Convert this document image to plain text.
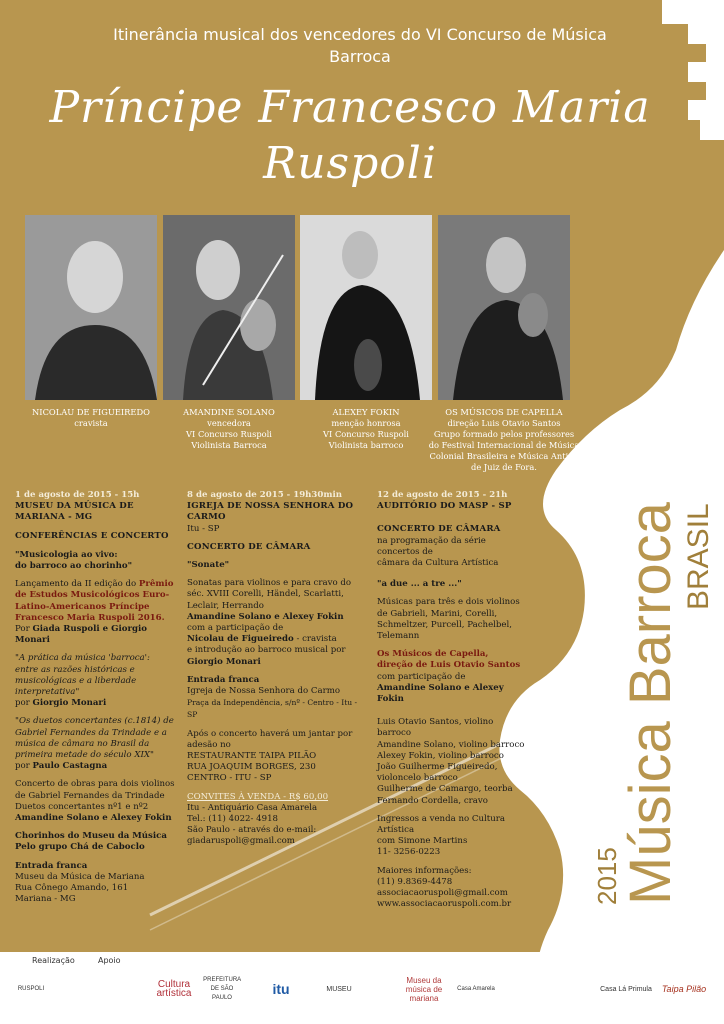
Itinerância musical dos vencedores do VI Concurso de Música Barroca
Príncipe Francesco Maria Ruspoli
NICOLAU DE FIGUEIREDO
cravista
AMANDINE SOLANO
vencedora
VI Concurso Ruspoli
Violinista Barroca
ALEXEY FOKIN
menção honrosa
VI Concurso Ruspoli
Violinista barroco
OS MÚSICOS DE CAPELLA
direção Luis Otavio Santos
Grupo formado pelos professores
do Festival Internacional de Música
Colonial Brasileira e Música Antiga
de Juiz de Fora.

1 de agosto de 2015 - 15h
MUSEU DA MÚSICA DE MARIANA - MG

CONFERÊNCIAS E CONCERTO

"Musicologia ao vivo:
do barroco ao chorinho"

Lançamento da II edição do Prêmio de Estudos Musicológicos Euro-Latino-Americanos Príncipe Francesco Maria Ruspoli 2016.
Por Giada Ruspoli e Giorgio Monari

"A prática da música 'barroca': entre as razões históricas e musicológicas e a liberdade interpretativa"
por Giorgio Monari

"Os duetos concertantes (c.1814) de Gabriel Fernandes da Trindade e a música de câmara no Brasil da primeira metade do século XIX"
por Paulo Castagna

Concerto de obras para dois violinos de Gabriel Fernandes da Trindade
Duetos concertantes nº1 e nº2
Amandine Solano e Alexey Fokin

Chorinhos do Museu da Música
Pelo grupo Chá de Caboclo

Entrada franca
Museu da Música de Mariana
Rua Cônego Amando, 161
Mariana - MG

8 de agosto de 2015 - 19h30min
IGREJA DE NOSSA SENHORA DO CARMO
Itu - SP

CONCERTO DE CÂMARA

"Sonate"

Sonatas para violinos e para cravo do séc. XVIII Corelli, Händel, Scarlatti, Leclair, Herrando
Amandine Solano e Alexey Fokin
com a participação de
Nicolau de Figueiredo - cravista
e introdução ao barroco musical por
Giorgio Monari

Entrada franca
Igreja de Nossa Senhora do Carmo
Praça da Independência, s/nº - Centro - Itu - SP

Após o concerto haverá um jantar por adesão no
RESTAURANTE TAIPA PILÃO
RUA JOAQUIM BORGES, 230
CENTRO - ITU - SP

CONVITES À VENDA - R$ 60,00
Itu - Antiquário Casa Amarela
Tel.: (11) 4022- 4918
São Paulo - através do e-mail:
giadaruspoli@gmail.com

12 de agosto de 2015 - 21h
AUDITÓRIO DO MASP - SP

CONCERTO DE CÂMARA
na programação da série concertos de
câmara da Cultura Artística

"a due ... a tre ..."

Músicas para três e dois violinos de Gabrieli, Marini, Corelli, Schmeltzer, Purcell, Pachelbel, Telemann

Os Músicos de Capella, direção de Luis Otavio Santos
com participação de
Amandine Solano e Alexey Fokin

Luis Otavio Santos, violino barroco
Amandine Solano, violino barroco
Alexey Fokin, violino barroco
João Guilherme Figueiredo,
violoncelo barroco
Guilherme de Camargo, teorba
Fernando Cordella, cravo

Ingressos a venda no Cultura Artística
com Simone Martins
11- 3256-0223

Maiores informações:
(11) 9.8369-4478
associacaoruspoli@gmail.com
www.associacaoruspoli.com.br	2015
Música Barroca BRASIL
Realização	Apoio
RUSPOLI	Cultura artística
PREFEITURA DE SÃO PAULO
itu	MUSEU
Museu da música de mariana
Casa Amarela	Casa Lá Primula	Taipa Pilão
